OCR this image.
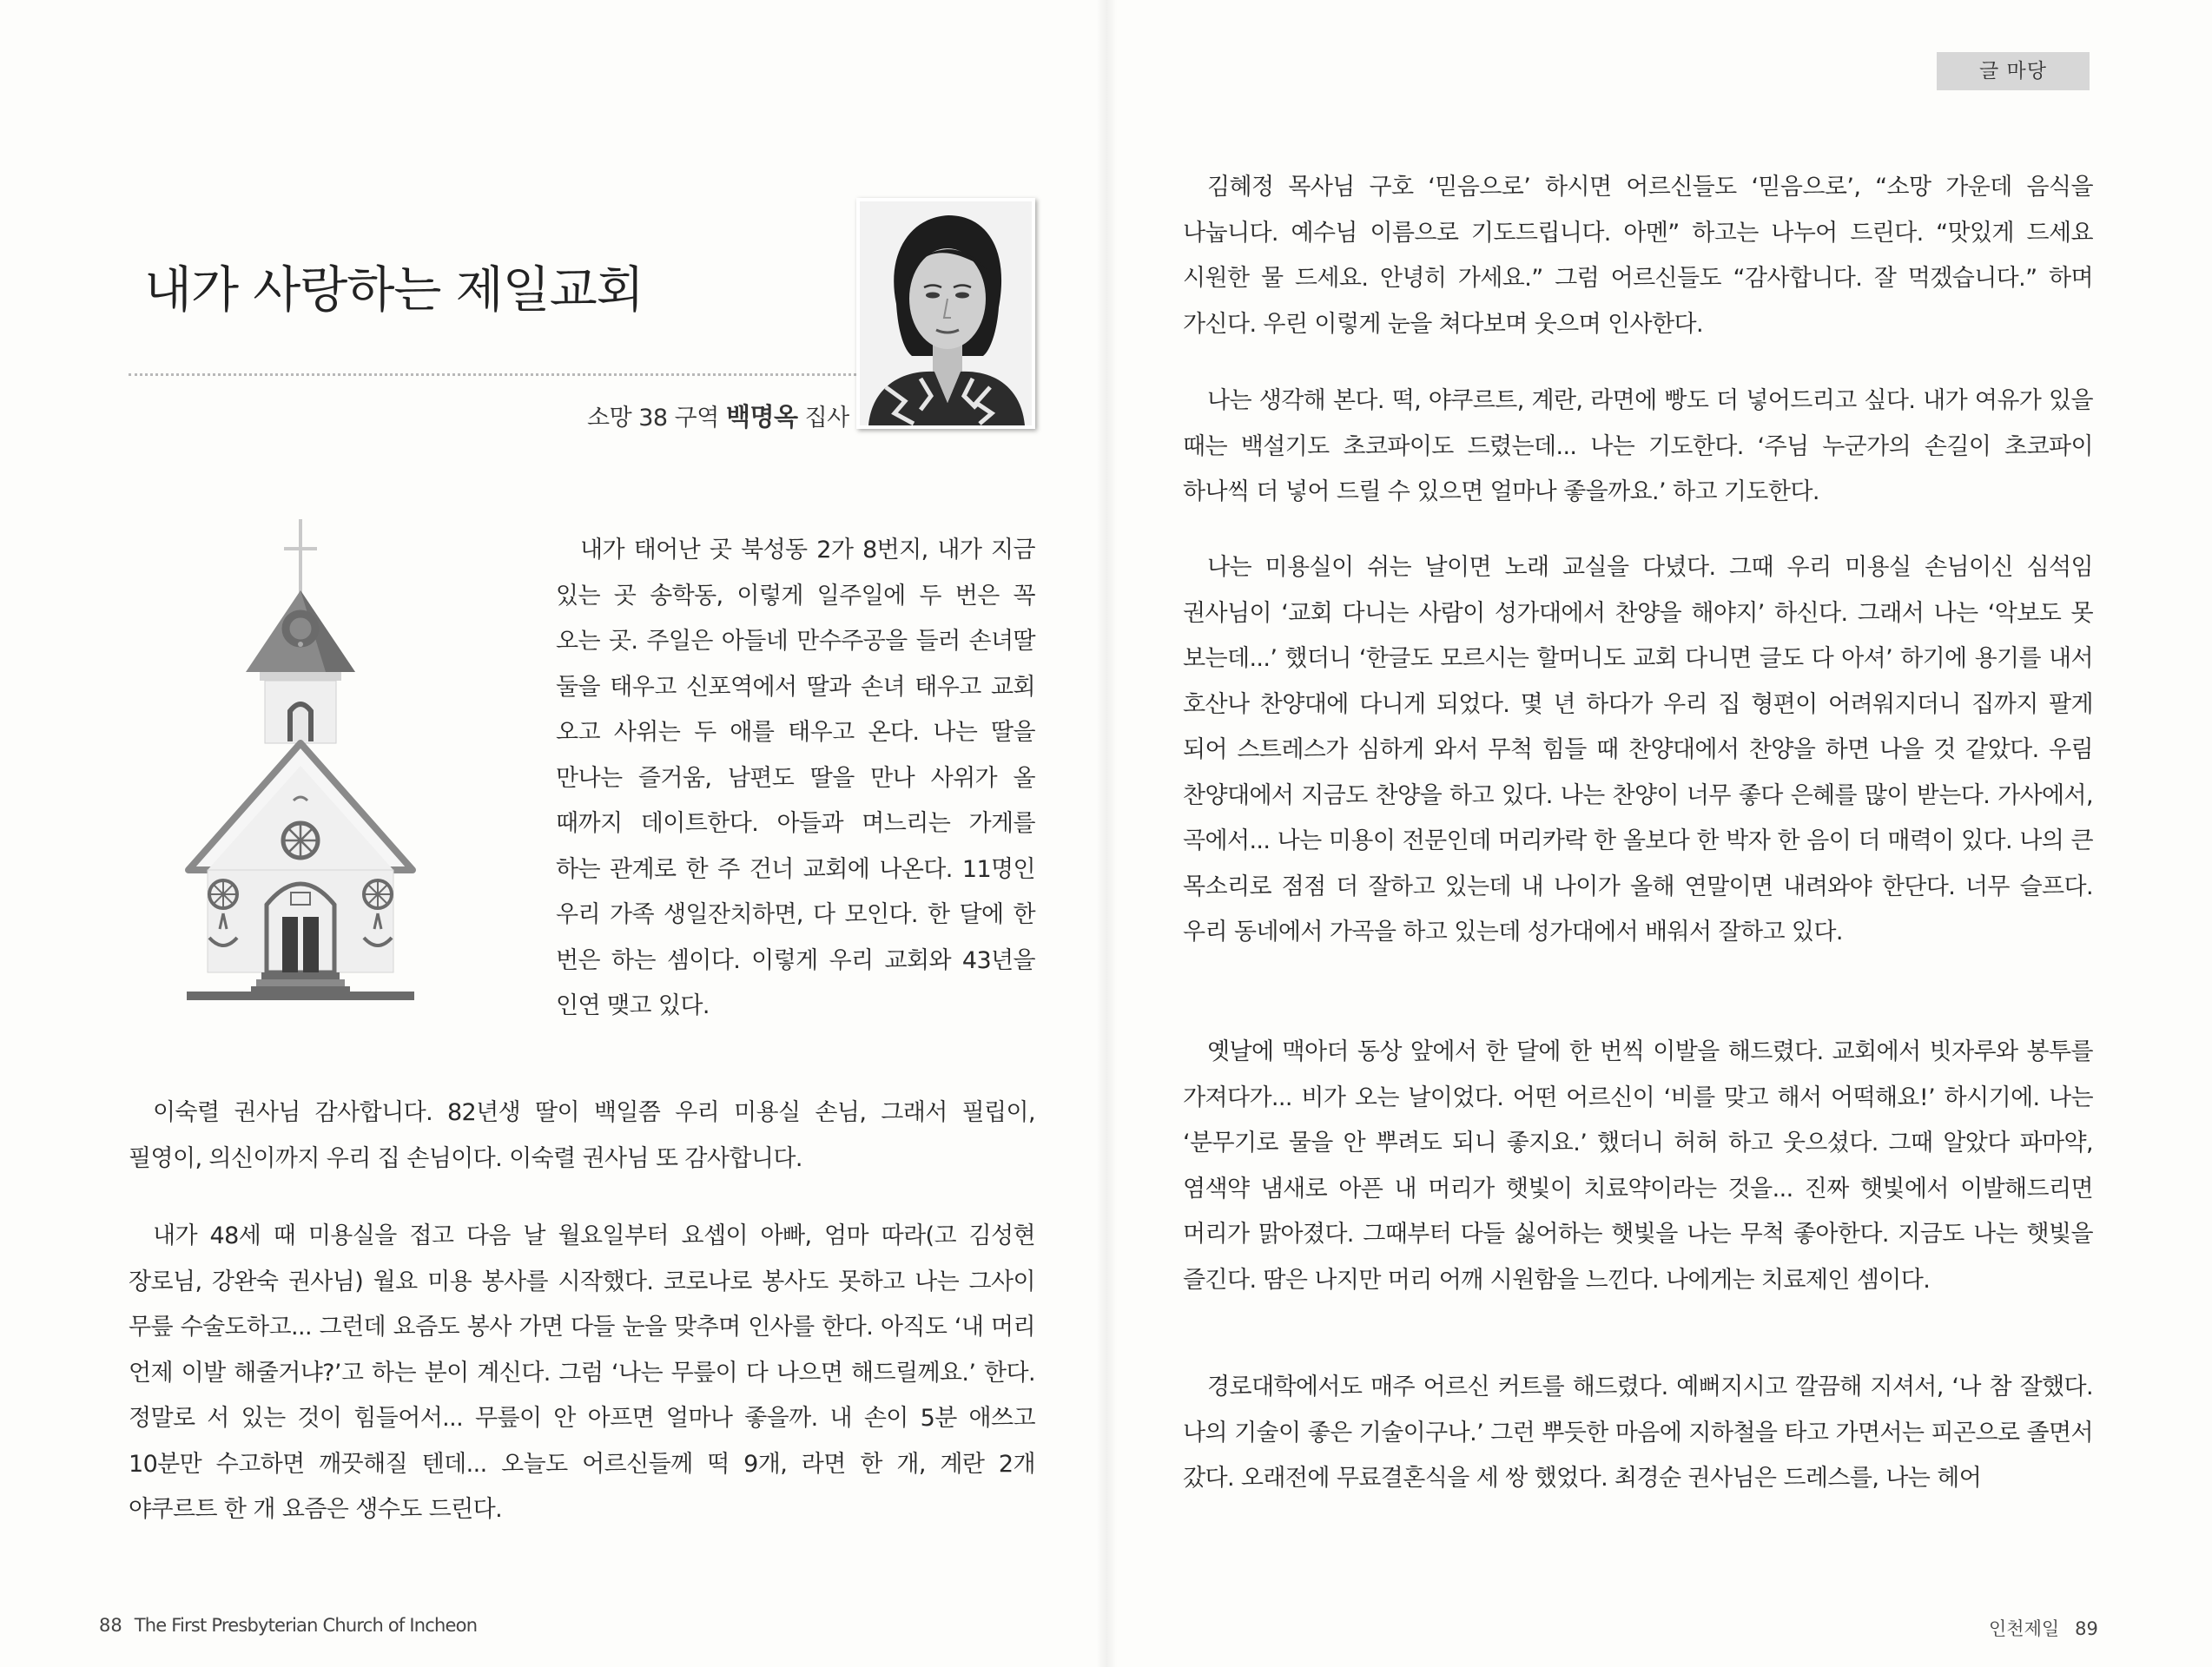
내가 사랑하는 제일교회
소망 38 구역 백명옥 집사

내가 태어난 곳 북성동 2가 8번지, 내가 지금 있는 곳 송학동, 이렇게 일주일에 두 번은 꼭 오는 곳. 주일은 아들네 만수주공을 들러 손녀딸 둘을 태우고 신포역에서 딸과 손녀 태우고 교회 오고 사위는 두 애를 태우고 온다. 나는 딸을 만나는 즐거움, 남편도 딸을 만나 사위가 올 때까지 데이트한다. 아들과 며느리는 가게를 하는 관계로 한 주 건너 교회에 나온다. 11명인 우리 가족 생일잔치하면, 다 모인다. 한 달에 한 번은 하는 셈이다. 이렇게 우리 교회와 43년을 인연 맺고 있다.

이숙렬 권사님 감사합니다. 82년생 딸이 백일쯤 우리 미용실 손님, 그래서 필립이, 필영이, 의신이까지 우리 집 손님이다. 이숙렬 권사님 또 감사합니다.

내가 48세 때 미용실을 접고 다음 날 월요일부터 요셉이 아빠, 엄마 따라(고 김성현 장로님, 강완숙 권사님) 월요 미용 봉사를 시작했다. 코로나로 봉사도 못하고 나는 그사이 무릎 수술도하고... 그런데 요즘도 봉사 가면 다들 눈을 맞추며 인사를 한다. 아직도 ‘내 머리 언제 이발 해줄거냐?’고 하는 분이 계신다. 그럼 ‘나는 무릎이 다 나으면 해드릴께요.’ 한다. 정말로 서 있는 것이 힘들어서... 무릎이 안 아프면 얼마나 좋을까. 내 손이 5분 애쓰고 10분만 수고하면 깨끗해질 텐데... 오늘도 어르신들께 떡 9개, 라면 한 개, 계란 2개 야쿠르트 한 개 요즘은 생수도 드린다.

88 The First Presbyterian Church of Incheon
글 마당

김혜정 목사님 구호 ‘믿음으로’ 하시면 어르신들도 ‘믿음으로’, “소망 가운데 음식을 나눕니다. 예수님 이름으로 기도드립니다. 아멘” 하고는 나누어 드린다. “맛있게 드세요 시원한 물 드세요. 안녕히 가세요.” 그럼 어르신들도 “감사합니다. 잘 먹겠습니다.” 하며 가신다. 우린 이렇게 눈을 쳐다보며 웃으며 인사한다.

나는 생각해 본다. 떡, 야쿠르트, 계란, 라면에 빵도 더 넣어드리고 싶다. 내가 여유가 있을 때는 백설기도 초코파이도 드렸는데... 나는 기도한다. ‘주님 누군가의 손길이 초코파이 하나씩 더 넣어 드릴 수 있으면 얼마나 좋을까요.’ 하고 기도한다.

나는 미용실이 쉬는 날이면 노래 교실을 다녔다. 그때 우리 미용실 손님이신 심석임 권사님이 ‘교회 다니는 사람이 성가대에서 찬양을 해야지’ 하신다. 그래서 나는 ‘악보도 못 보는데...’ 했더니 ‘한글도 모르시는 할머니도 교회 다니면 글도 다 아셔’ 하기에 용기를 내서 호산나 찬양대에 다니게 되었다. 몇 년 하다가 우리 집 형편이 어려워지더니 집까지 팔게 되어 스트레스가 심하게 와서 무척 힘들 때 찬양대에서 찬양을 하면 나을 것 같았다. 우림 찬양대에서 지금도 찬양을 하고 있다. 나는 찬양이 너무 좋다 은혜를 많이 받는다. 가사에서, 곡에서... 나는 미용이 전문인데 머리카락 한 올보다 한 박자 한 음이 더 매력이 있다. 나의 큰 목소리로 점점 더 잘하고 있는데 내 나이가 올해 연말이면 내려와야 한단다. 너무 슬프다. 우리 동네에서 가곡을 하고 있는데 성가대에서 배워서 잘하고 있다.

옛날에 맥아더 동상 앞에서 한 달에 한 번씩 이발을 해드렸다. 교회에서 빗자루와 봉투를 가져다가... 비가 오는 날이었다. 어떤 어르신이 ‘비를 맞고 해서 어떡해요!’ 하시기에. 나는 ‘분무기로 물을 안 뿌려도 되니 좋지요.’ 했더니 허허 하고 웃으셨다. 그때 알았다 파마약, 염색약 냄새로 아픈 내 머리가 햇빛이 치료약이라는 것을... 진짜 햇빛에서 이발해드리면 머리가 맑아졌다. 그때부터 다들 싫어하는 햇빛을 나는 무척 좋아한다. 지금도 나는 햇빛을 즐긴다. 땀은 나지만 머리 어깨 시원함을 느낀다. 나에게는 치료제인 셈이다.

경로대학에서도 매주 어르신 커트를 해드렸다. 예뻐지시고 깔끔해 지셔서, ‘나 참 잘했다. 나의 기술이 좋은 기술이구나.’ 그런 뿌듯한 마음에 지하철을 타고 가면서는 피곤으로 졸면서 갔다. 오래전에 무료결혼식을 세 쌍 했었다. 최경순 권사님은 드레스를, 나는 헤어

인천제일 89
